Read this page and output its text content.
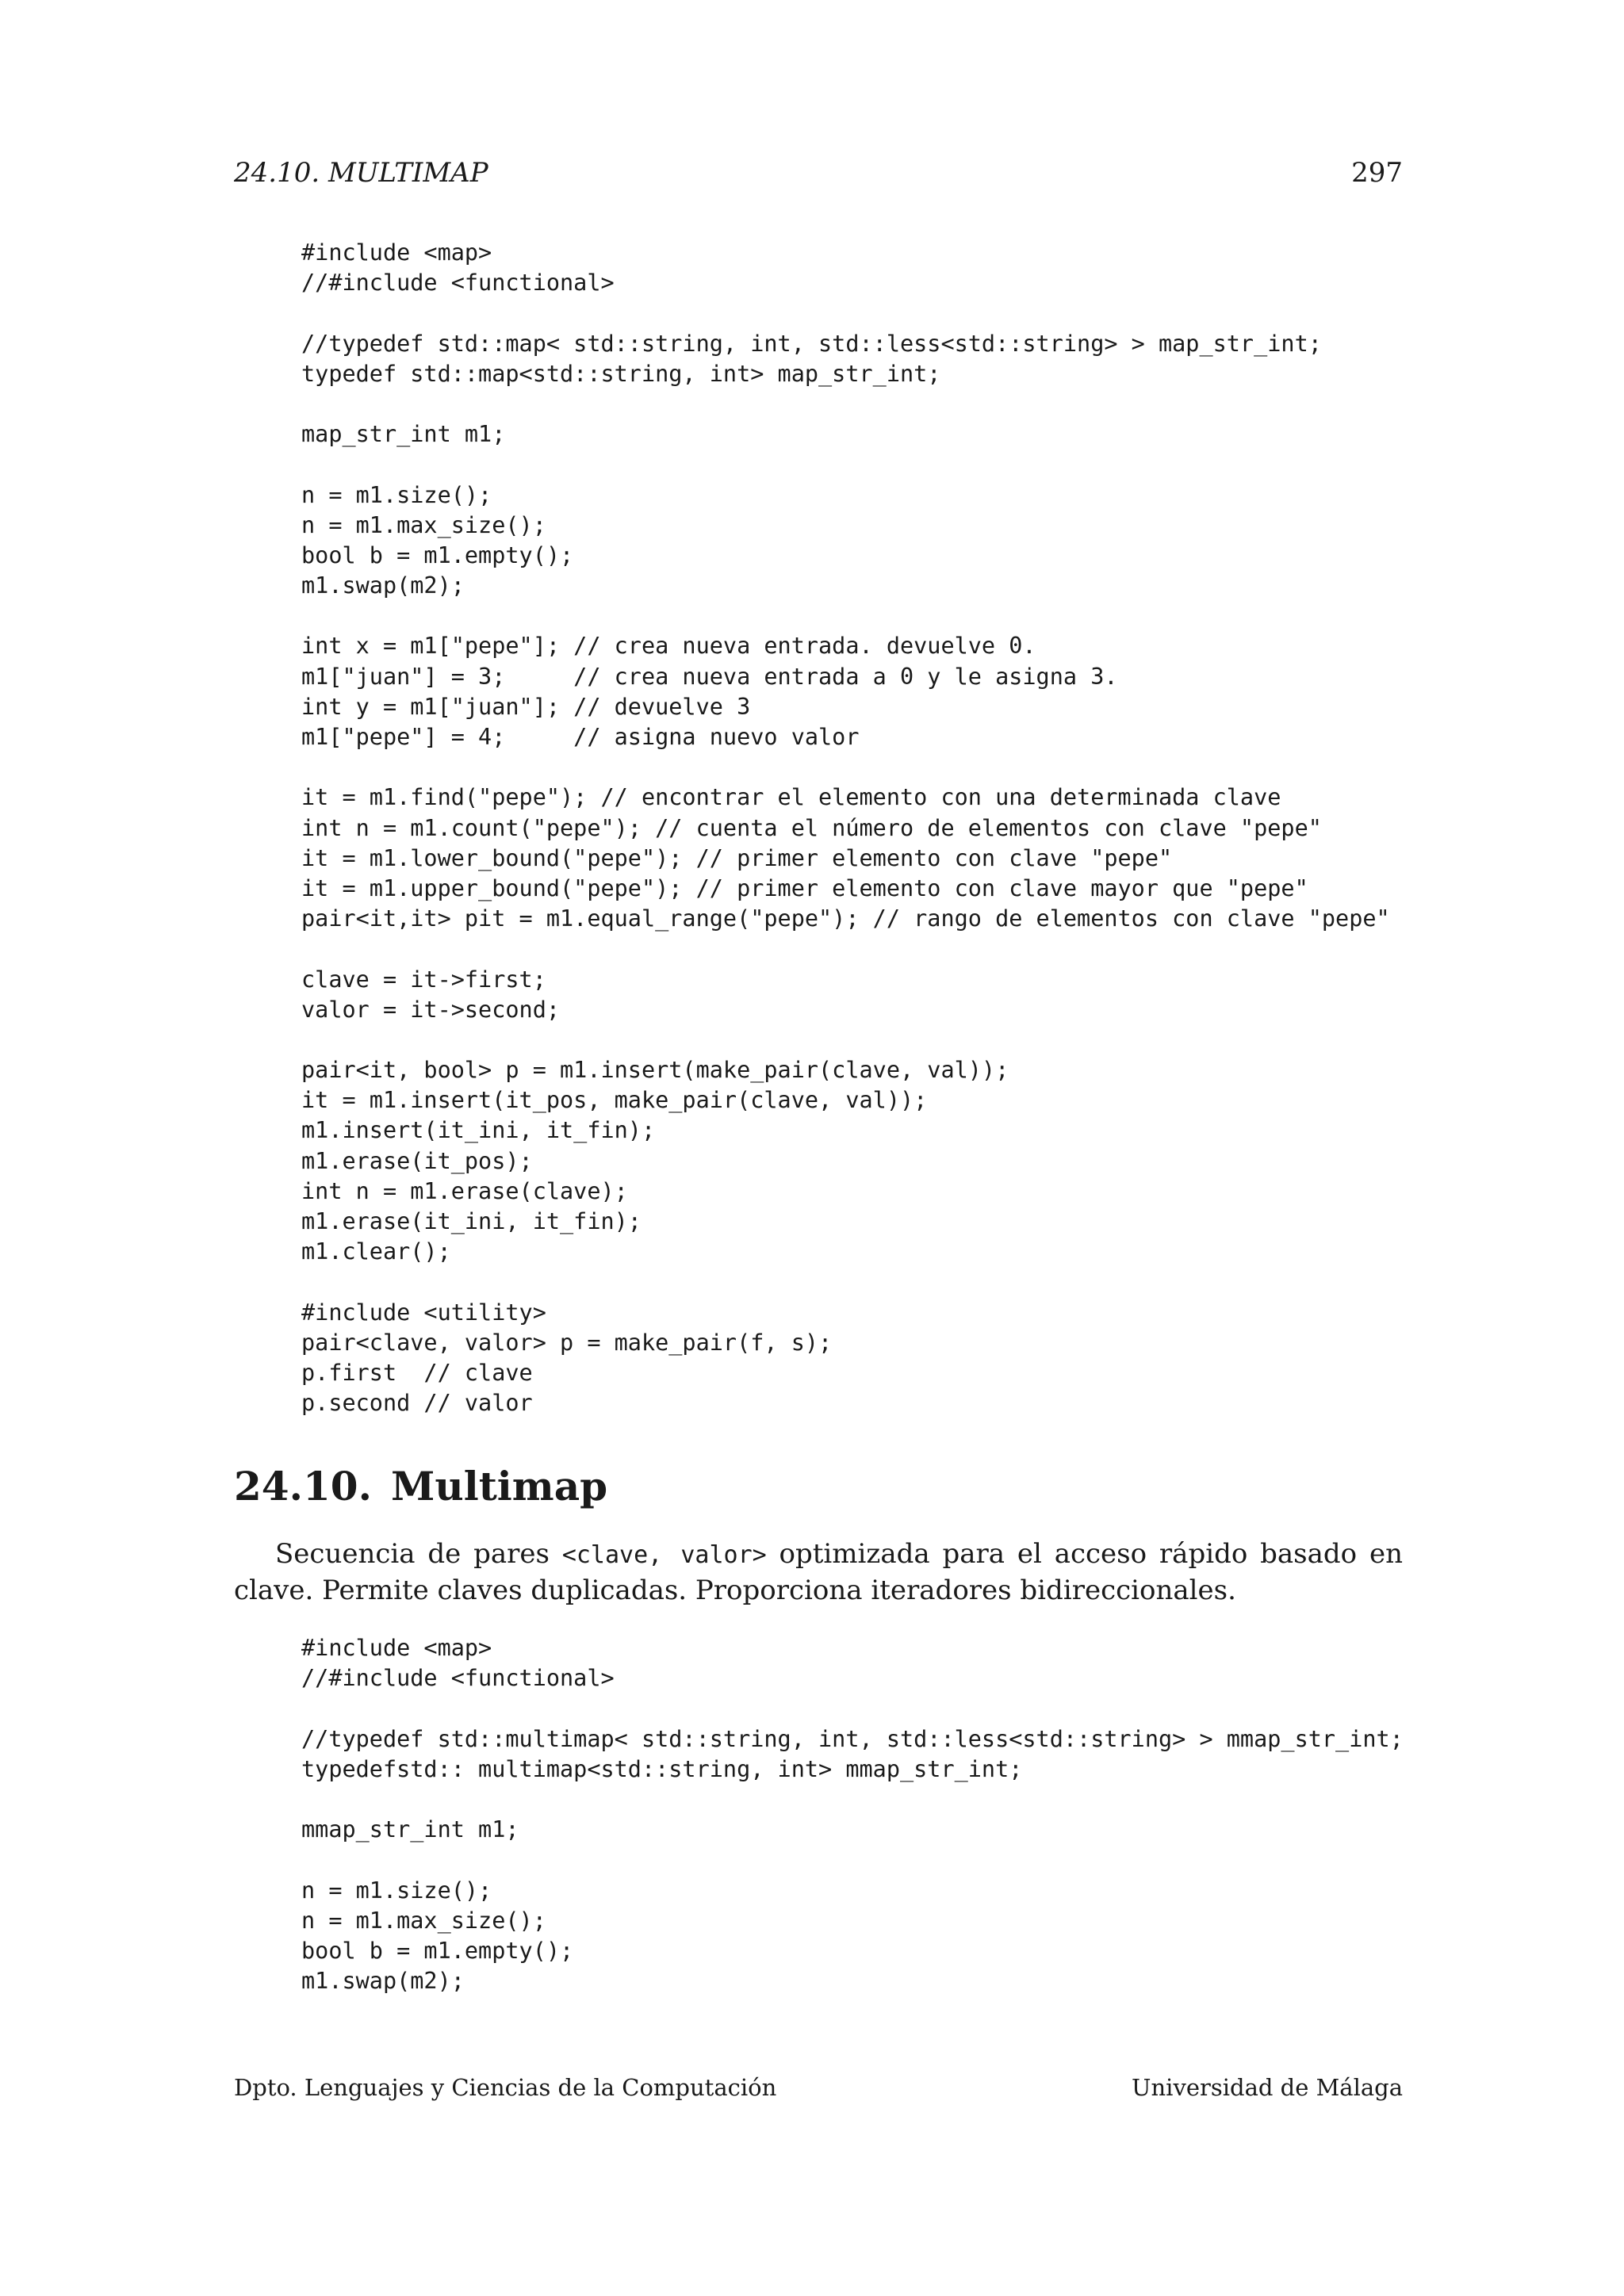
24.10. MULTIMAP	297
#include <map>
//#include <functional>
//typedef std::map< std::string, int, std::less<std::string> > map_str_int;
typedef std::map<std::string, int> map_str_int;
map_str_int m1;
n = m1.size();
n = m1.max_size();
bool b = m1.empty();
m1.swap(m2);
int x = m1["pepe"]; // crea nueva entrada. devuelve 0.
m1["juan"] = 3;     // crea nueva entrada a 0 y le asigna 3.
int y = m1["juan"]; // devuelve 3
m1["pepe"] = 4;     // asigna nuevo valor
it = m1.find("pepe"); // encontrar el elemento con una determinada clave
int n = m1.count("pepe"); // cuenta el número de elementos con clave "pepe"
it = m1.lower_bound("pepe"); // primer elemento con clave "pepe"
it = m1.upper_bound("pepe"); // primer elemento con clave mayor que "pepe"
pair<it,it> pit = m1.equal_range("pepe"); // rango de elementos con clave "pepe"
clave = it->first;
valor = it->second;
pair<it, bool> p = m1.insert(make_pair(clave, val));
it = m1.insert(it_pos, make_pair(clave, val));
m1.insert(it_ini, it_fin);
m1.erase(it_pos);
int n = m1.erase(clave);
m1.erase(it_ini, it_fin);
m1.clear();
#include <utility>
pair<clave, valor> p = make_pair(f, s);
p.first  // clave
p.second // valor
24.10. Multimap

Secuencia de pares <clave, valor> optimizada para el acceso rápido basado en clave. Permite claves duplicadas. Proporciona iteradores bidireccionales.

#include <map>
//#include <functional>
//typedef std::multimap< std::string, int, std::less<std::string> > mmap_str_int;
typedefstd:: multimap<std::string, int> mmap_str_int;
mmap_str_int m1;
n = m1.size();
n = m1.max_size();
bool b = m1.empty();
m1.swap(m2);
Dpto. Lenguajes y Ciencias de la Computación	Universidad de Málaga
